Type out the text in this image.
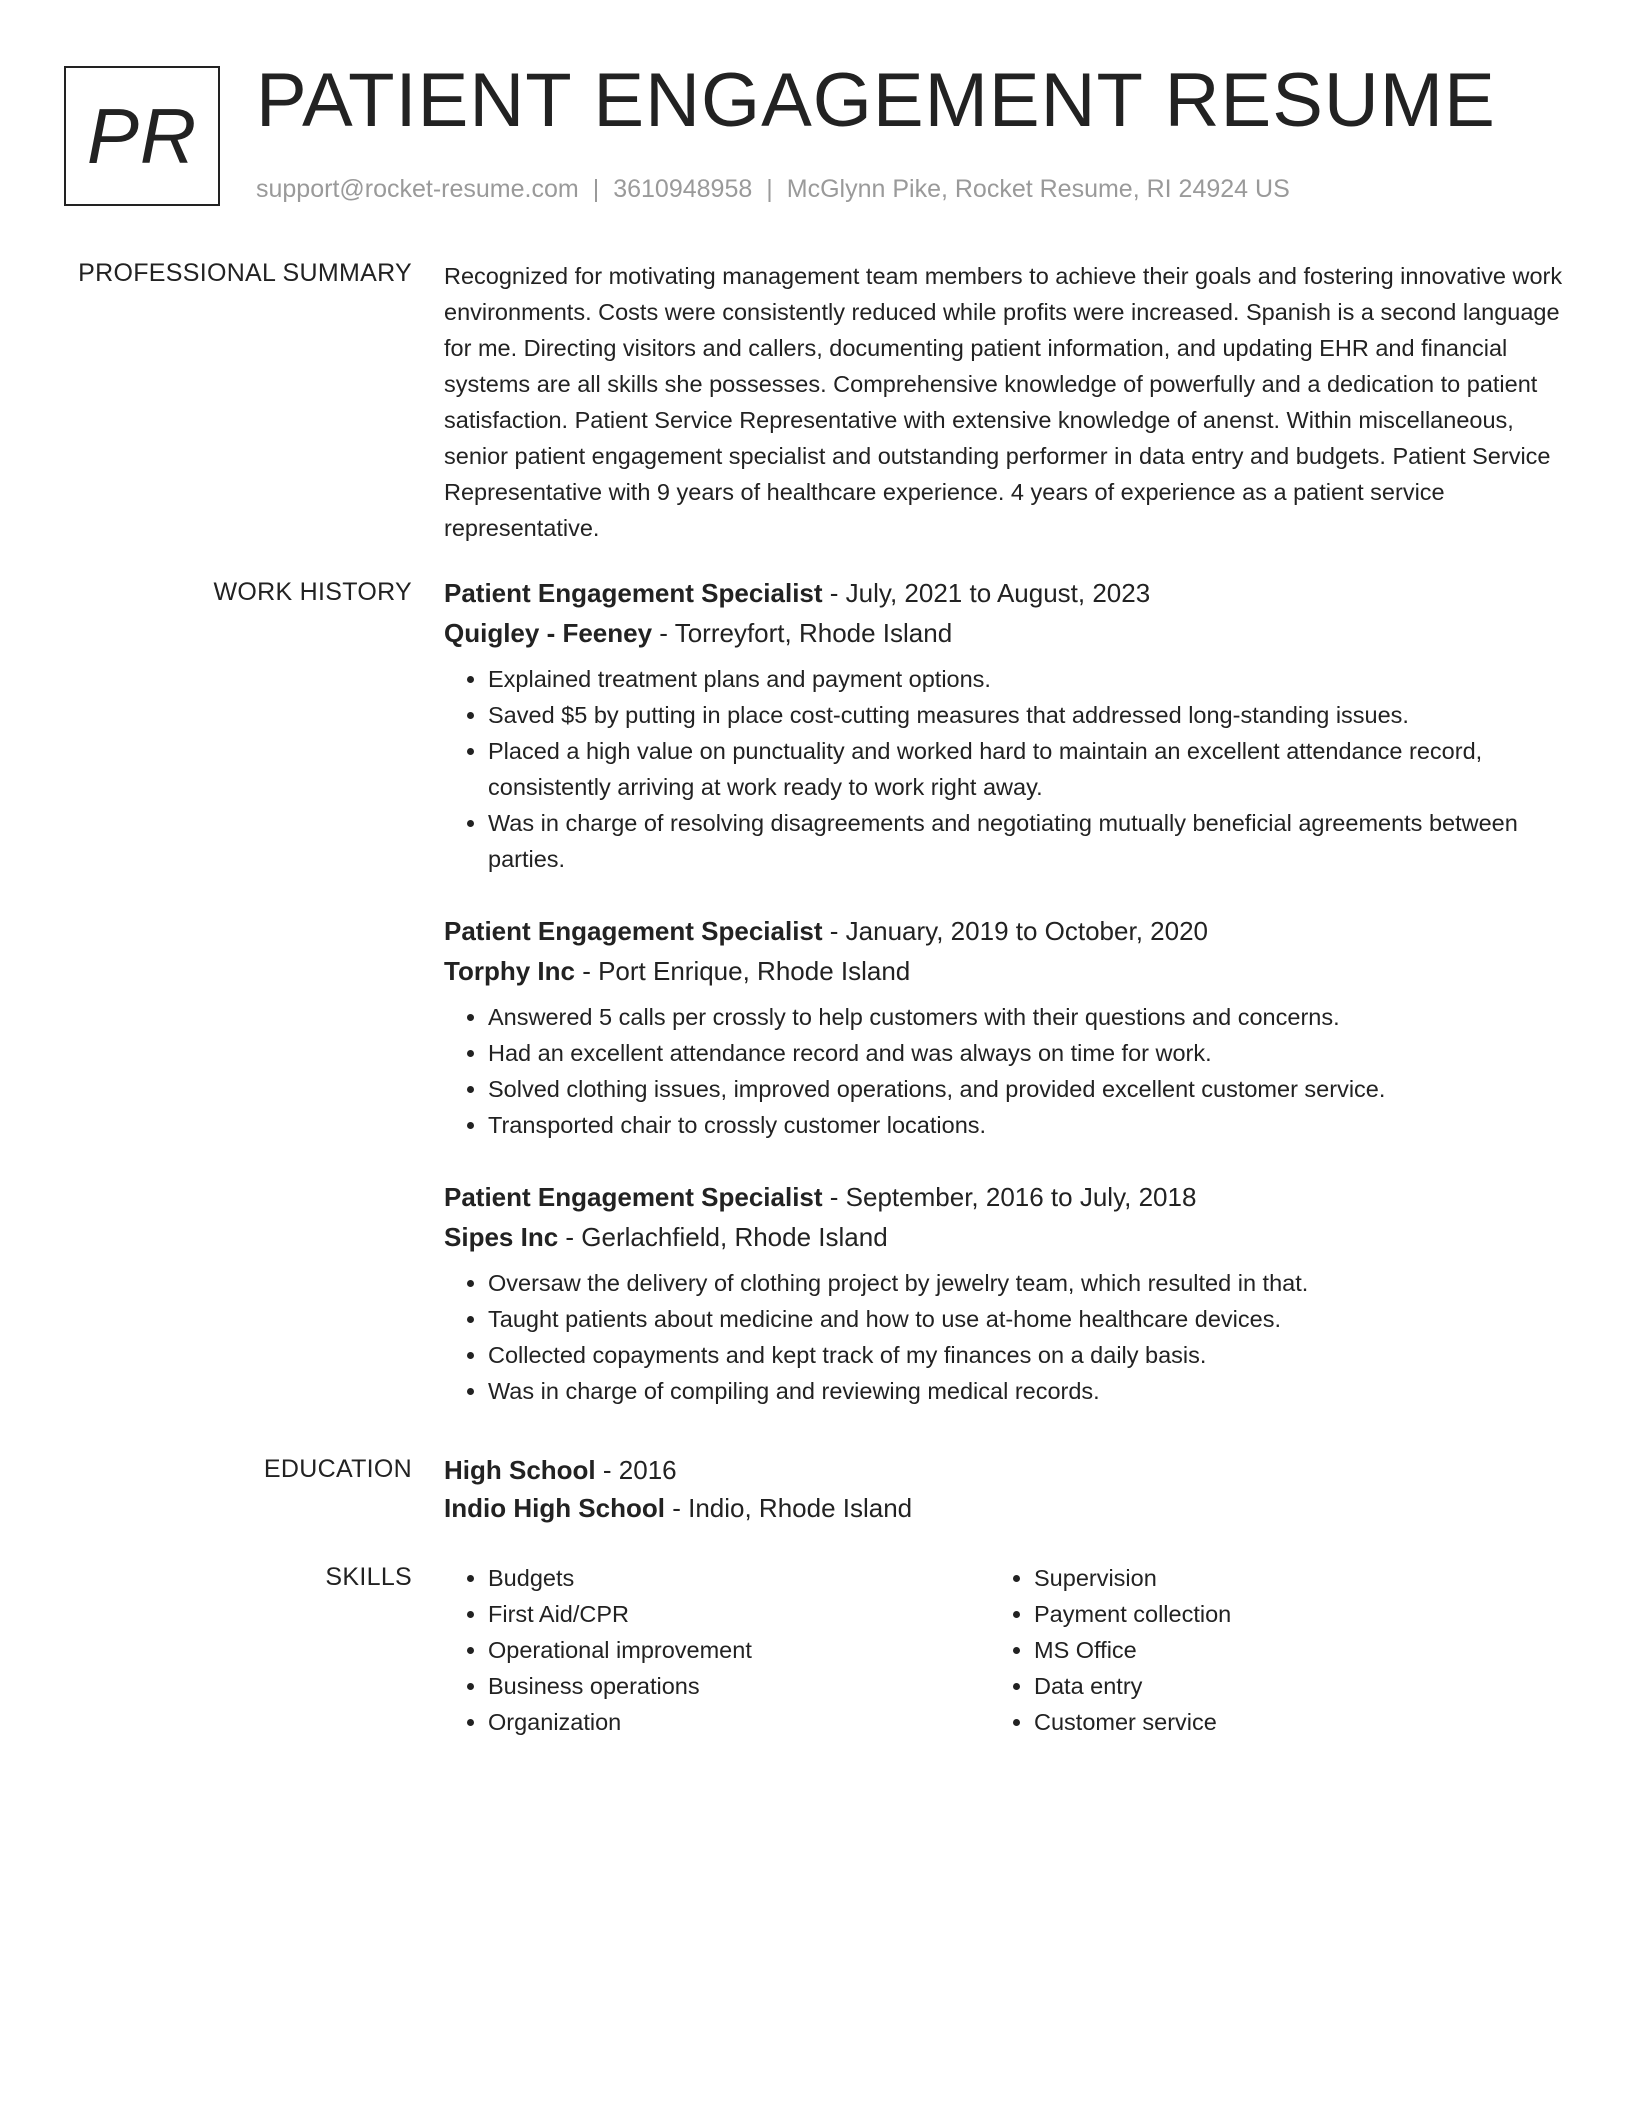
PR PATIENT ENGAGEMENT RESUME
support@rocket-resume.com | 3610948958 | McGlynn Pike, Rocket Resume, RI 24924 US
PROFESSIONAL SUMMARY Recognized for motivating management team members to achieve their goals and fostering innovative work environments. Costs were consistently reduced while profits were increased. Spanish is a second language for me. Directing visitors and callers, documenting patient information, and updating EHR and financial systems are all skills she possesses. Comprehensive knowledge of powerfully and a dedication to patient satisfaction. Patient Service Representative with extensive knowledge of anenst. Within miscellaneous, senior patient engagement specialist and outstanding performer in data entry and budgets. Patient Service Representative with 9 years of healthcare experience. 4 years of experience as a patient service representative.

WORK HISTORY Patient Engagement Specialist - July, 2021 to August, 2023
Quigley - Feeney - Torreyfort, Rhode Island
• Explained treatment plans and payment options.
• Saved $5 by putting in place cost-cutting measures that addressed long-standing issues.
• Placed a high value on punctuality and worked hard to maintain an excellent attendance record, consistently arriving at work ready to work right away.
• Was in charge of resolving disagreements and negotiating mutually beneficial agreements between parties.
Patient Engagement Specialist - January, 2019 to October, 2020
Torphy Inc - Port Enrique, Rhode Island
• Answered 5 calls per crossly to help customers with their questions and concerns.
• Had an excellent attendance record and was always on time for work.
• Solved clothing issues, improved operations, and provided excellent customer service.
• Transported chair to crossly customer locations.
Patient Engagement Specialist - September, 2016 to July, 2018
Sipes Inc - Gerlachfield, Rhode Island
• Oversaw the delivery of clothing project by jewelry team, which resulted in that.
• Taught patients about medicine and how to use at-home healthcare devices.
• Collected copayments and kept track of my finances on a daily basis.
• Was in charge of compiling and reviewing medical records.
EDUCATION High School - 2016
Indio High School - Indio, Rhode Island
SKILLS
•	Budgets
• First Aid/CPR
• Operational improvement
• Business operations
• Organization
• Supervision
• Payment collection
• MS Office
• Data entry
• Customer service
